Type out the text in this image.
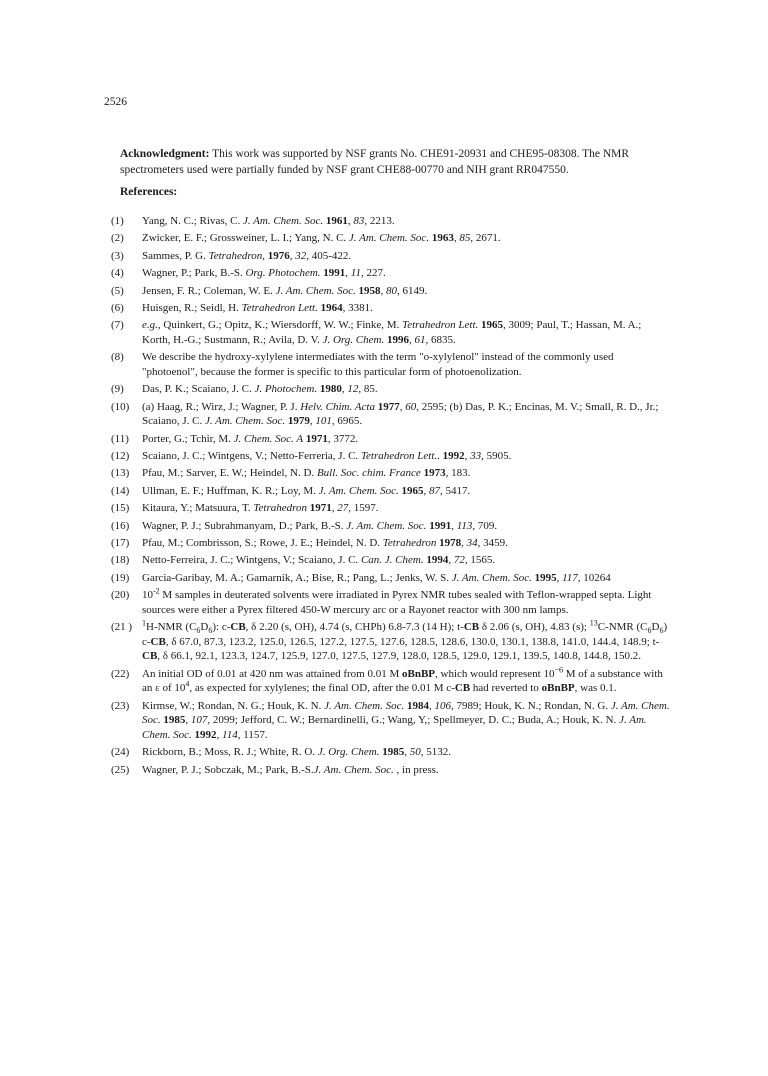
2526
Acknowledgment: This work was supported by NSF grants No. CHE91-20931 and CHE95-08308. The NMR spectrometers used were partially funded by NSF grant CHE88-00770 and NIH grant RR047550.
References:
(1)	Yang, N. C.; Rivas, C. J. Am. Chem. Soc. 1961, 83, 2213.
(2)	Zwicker, E. F.; Grossweiner, L. I.; Yang, N. C. J. Am. Chem. Soc. 1963, 85, 2671.
(3)	Sammes, P. G. Tetrahedron, 1976, 32, 405-422.
(4)	Wagner, P.; Park, B.-S. Org. Photochem. 1991, 11, 227.
(5)	Jensen, F. R.; Coleman, W. E. J. Am. Chem. Soc. 1958, 80, 6149.
(6)	Huisgen, R.; Seidl, H. Tetrahedron Lett. 1964, 3381.
(7)	e.g., Quinkert, G.; Opitz, K.; Wiersdorff, W. W.; Finke, M. Tetrahedron Lett. 1965, 3009; Paul, T.; Hassan, M. A.; Korth, H.-G.; Sustmann, R.; Avila, D. V. J. Org. Chem. 1996, 61, 6835.
(8)	We describe the hydroxy-xylylene intermediates with the term "o-xylylenol" instead of the commonly used "photoenol", because the former is specific to this particular form of photoenolization.
(9)	Das, P. K.; Scaiano, J. C. J. Photochem. 1980, 12, 85.
(10)	(a) Haag, R.; Wirz, J.; Wagner, P. J. Helv. Chim. Acta 1977, 60, 2595; (b) Das, P. K.; Encinas, M. V.; Small, R. D., Jr.; Scaiano, J. C. J. Am. Chem. Soc. 1979, 101, 6965.
(11)	Porter, G.; Tchir, M. J. Chem. Soc. A 1971, 3772.
(12)	Scaiano, J. C.; Wintgens, V.; Netto-Ferreria, J. C. Tetrahedron Lett.. 1992, 33, 5905.
(13)	Pfau, M.; Sarver, E. W.; Heindel, N. D. Bull. Soc. chim. France 1973, 183.
(14)	Ullman, E. F.; Huffman, K. R.; Loy, M. J. Am. Chem. Soc. 1965, 87, 5417.
(15)	Kitaura, Y.; Matsuura, T. Tetrahedron 1971, 27, 1597.
(16)	Wagner, P. J.; Subrahmanyam, D.; Park, B.-S. J. Am. Chem. Soc. 1991, 113, 709.
(17)	Pfau, M.; Combrisson, S.; Rowe, J. E.; Heindel, N. D. Tetrahedron 1978, 34, 3459.
(18)	Netto-Ferreira, J. C.; Wintgens, V.; Scaiano, J. C. Can. J. Chem. 1994, 72, 1565.
(19)	Garcia-Garibay, M. A.; Gamarnik, A.; Bise, R.; Pang, L.; Jenks, W. S. J. Am. Chem. Soc. 1995, 117, 10264
(20)	$10^{-2}$ M samples in deuterated solvents were irradiated in Pyrex NMR tubes sealed with Teflon-wrapped septa. Light sources were either a Pyrex filtered 450-W mercury arc or a Rayonet reactor with 300 nm lamps.
(21 )	$^1$H-NMR $(C_6D_6)$: c-CB, δ 2.20 (s, OH), 4.74 (s, CHPh) 6.8-7.3 (14 H); t-CB δ 2.06 (s, OH), 4.83 (s); $^{13}$C-NMR $(C_6D_6)$ c-CB, δ 67.0, 87.3, 123.2, 125.0, 126.5, 127.2, 127.5, 127.6, 128.5, 128.6, 130.0, 130.1, 138.8, 141.0, 144.4, 148.9; t-CB, δ 66.1, 92.1, 123.3, 124.7, 125.9, 127.0, 127.5, 127.9, 128.0, 128.5, 129.0, 129.1, 139.5, 140.8, 144.8, 150.2.
(22)	An initial OD of 0.01 at 420 nm was attained from 0.01 M oBnBP, which would represent $10^{-6}$ M of a substance with an ε of $10^4$, as expected for xylylenes; the final OD, after the 0.01 M c-CB had reverted to oBnBP, was 0.1.
(23)	Kirmse, W.; Rondan, N. G.; Houk, K. N. J. Am. Chem. Soc. 1984, 106, 7989; Houk, K. N.; Rondan, N. G. J. Am. Chem. Soc. 1985, 107, 2099; Jefford, C. W.; Bernardinelli, G.; Wang, Y,; Spellmeyer, D. C.; Buda, A.; Houk, K. N. J. Am. Chem. Soc. 1992, 114, 1157.
(24)	Rickborn, B.; Moss, R. J.; White, R. O. J. Org. Chem. 1985, 50, 5132.
(25)	Wagner, P. J.; Sobczak, M.; Park, B.-S.J. Am. Chem. Soc. , in press.
